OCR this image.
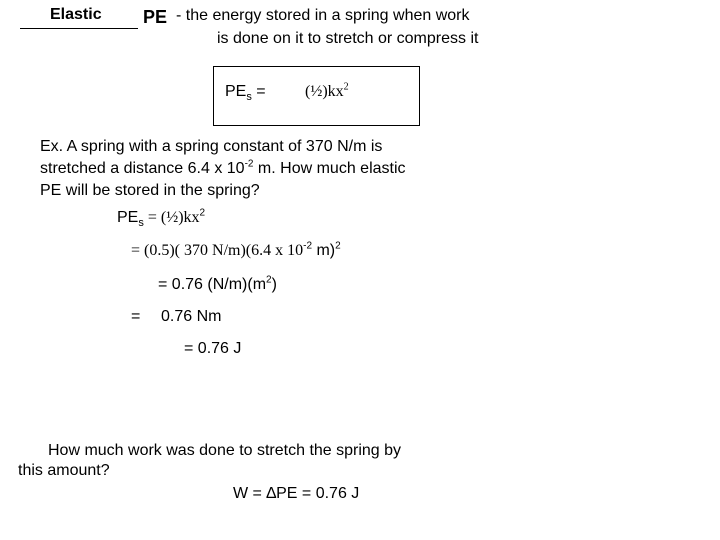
Elastic PE - the energy stored in a spring when work
is done on it to stretch or compress it
$PE_s$ = $(\frac{1}{2})kx^2$
Ex. A spring with a spring constant of 370 N/m is
stretched a distance 6.4 x $10^{-2}$ m. How much elastic
PE will be stored in the spring?
$PE_s$ = $(\frac{1}{2})kx^2$
= (0.5)( 370 N/m)(6.4 x $10^{-2}$ m)$^2$
= 0.76 $(N/m)(m^2)$
= 0.76 Nm
= 0.76 J
How much work was done to stretch the spring by
this amount?
W = ∆PE = 0.76 J
